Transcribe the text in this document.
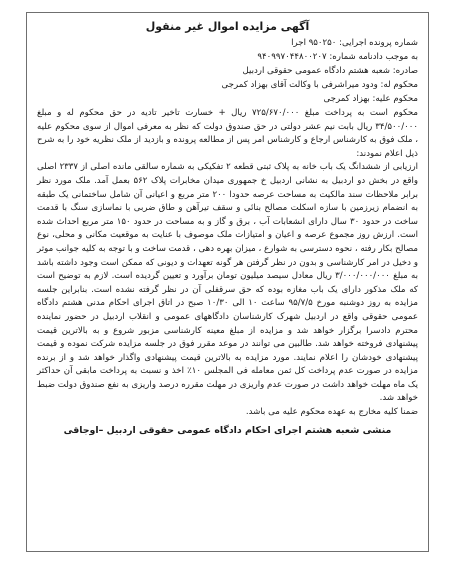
آگهی مزایده اموال غیر منقول
شماره پرونده اجرایی: ۹۵۰۲۵۰ اجرا
به موجب دادنامه شماره: ۹۴۰۹۹۷۰۴۴۸۰۰۲۰۷
صادره: شعبه هشتم دادگاه عمومی حقوقی اردبیل
محکوم له: ودود میراشرفی با وکالت آقای بهزاد کمرجی
محکوم علیه: بهزاد کمرجی

محکوم است به پرداخت مبلغ ۷۲۵/۶۷۰/۰۰۰ ریال + خسارت تاخیر تادیه در حق محکوم له و مبلغ ۳۴/۵۰۰/۰۰۰ ریال بابت نیم عشر دولتی در حق صندوق دولت که نظر به معرفی اموال از سوی محکوم علیه ، ملک فوق به کارشناس ارجاع و کارشناس امر پس از مطالعه پرونده و بازدید از ملک نظریه خود را به شرح ذیل اعلام نمودند:

ارزیابی از ششدانگ یک باب خانه به پلاک ثبتی قطعه ۲ تفکیکی به شماره سالقی مانده اصلی از ۲۳۳۷ اصلی واقع در بخش دو اردبیل به نشانی اردبیل خ جمهوری میدان مخابرات پلاک ۵۶۲ بعمل آمد. ملک مورد نظر برابر ملاحظات سند مالکیت به مساحت عرصه حدودا ۲۰۰ متر مربع و اعیانی آن شامل ساختمانی یک طبقه به انضمام زیرزمین با سازه اسکلت مصالح بنائی و سقف تیرآهن و طاق ضربی با نماسازی سنگ با قدمت ساخت در حدود ۳۰ سال دارای انشعابات آب ، برق و گاز و به مساحت در حدود ۱۵۰ متر مربع احداث شده است. ارزش روز مجموع عرصه و اعیان و امتیازات ملک موصوف با عنایت به موقعیت مکانی و محلی، نوع مصالح بکار رفته ، نحوه دسترسی به شوارع ، میزان بهره دهی ، قدمت ساخت و با توجه به کلیه جوانب موثر و دخیل در امر کارشناسی و بدون در نظر گرفتن هر گونه تعهدات و دیونی که ممکن است وجود داشته باشد به مبلغ ۳/۰۰۰/۰۰۰/۰۰۰ ریال معادل سیصد میلیون تومان برآورد و تعیین گردیده است. لازم به توضیح است که ملک مذکور دارای یک باب مغازه بوده که حق سرقفلی آن در نظر گرفته نشده است. بنابراین جلسه مزایده به روز دوشنبه مورخ ۹۵/۷/۵ ساعت ۱۰ الی ۱۰/۳۰ صبح در اتاق اجرای احکام مدنی هشتم دادگاه عمومی حقوقی واقع در اردبیل شهرک کارشناسان دادگاههای عمومی و انقلاب اردبیل در حضور نماینده محترم دادسرا برگزار خواهد شد و مزایده از مبلغ معینه کارشناسی مزبور شروع و به بالاترین قیمت پیشنهادی فروخته خواهد شد. طالبین می توانند در موعد مقرر فوق در جلسه مزایده شرکت نموده و قیمت پیشنهادی خودشان را اعلام نمایند. مورد مزایده به بالاترین قیمت پیشنهادی واگذار خواهد شد و از برنده مزایده در صورت عدم پرداخت کل ثمن معامله فی المجلس ۱۰٪ اخذ و نسبت به پرداخت مابقی آن حداکثر یک ماه مهلت خواهد داشت در صورت عدم واریزی در مهلت مقرره درصد واریزی به نفع صندوق دولت ضبط خواهد شد.

ضمنا کلیه مخارج به عهده محکوم علیه می باشد.

منشی شعبه هشتم اجرای احکام دادگاه عمومی حقوقی اردبیل –اوجاقی
